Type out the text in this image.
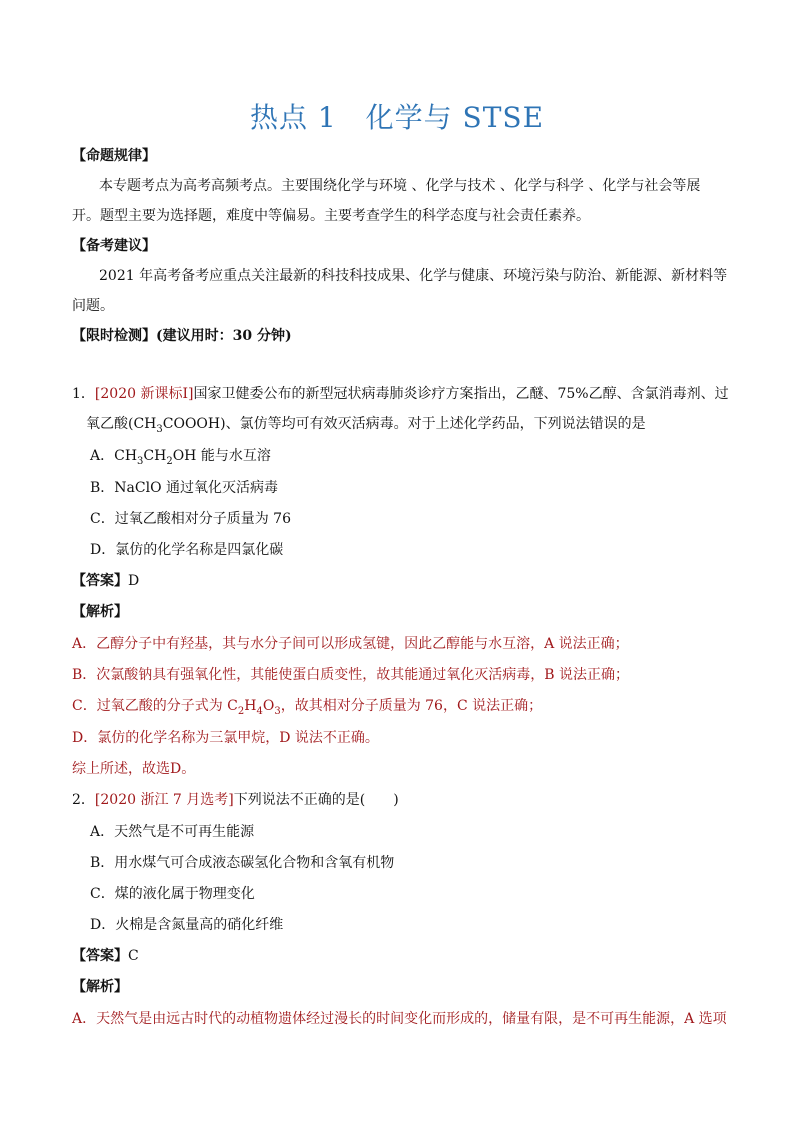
热点 1　化学与 STSE
【命题规律】
本专题考点为高考高频考点。主要围绕化学与环境 、化学与技术 、化学与科学 、化学与社会等展
开。题型主要为选择题，难度中等偏易。主要考查学生的科学态度与社会责任素养。
【备考建议】
2021 年高考备考应重点关注最新的科技科技成果、化学与健康、环境污染与防治、新能源、新材料等
问题。
【限时检测】(建议用时：30 分钟)
1．[2020 新课标Ⅰ]国家卫健委公布的新型冠状病毒肺炎诊疗方案指出，乙醚、75%乙醇、含氯消毒剂、过
氧乙酸$(CH_3COOOH)$、氯仿等均可有效灭活病毒。对于上述化学药品，下列说法错误的是
A．$CH_3CH_2OH$ 能与水互溶
B．NaClO 通过氧化灭活病毒
C．过氧乙酸相对分子质量为 76
D．氯仿的化学名称是四氯化碳
【答案】D
【解析】
A．乙醇分子中有羟基，其与水分子间可以形成氢键，因此乙醇能与水互溶，A 说法正确；
B．次氯酸钠具有强氧化性，其能使蛋白质变性，故其能通过氧化灭活病毒，B 说法正确；
C．过氧乙酸的分子式为 $C_2H_4O_3$，故其相对分子质量为 76，C 说法正确；
D．氯仿的化学名称为三氯甲烷，D 说法不正确。
综上所述，故选D。
2．[2020 浙江 7 月选考]下列说法不正确的是(　　)
A．天然气是不可再生能源
B．用水煤气可合成液态碳氢化合物和含氧有机物
C．煤的液化属于物理变化
D．火棉是含氮量高的硝化纤维
【答案】C
【解析】
A．天然气是由远古时代的动植物遗体经过漫长的时间变化而形成的，储量有限，是不可再生能源，A 选项
